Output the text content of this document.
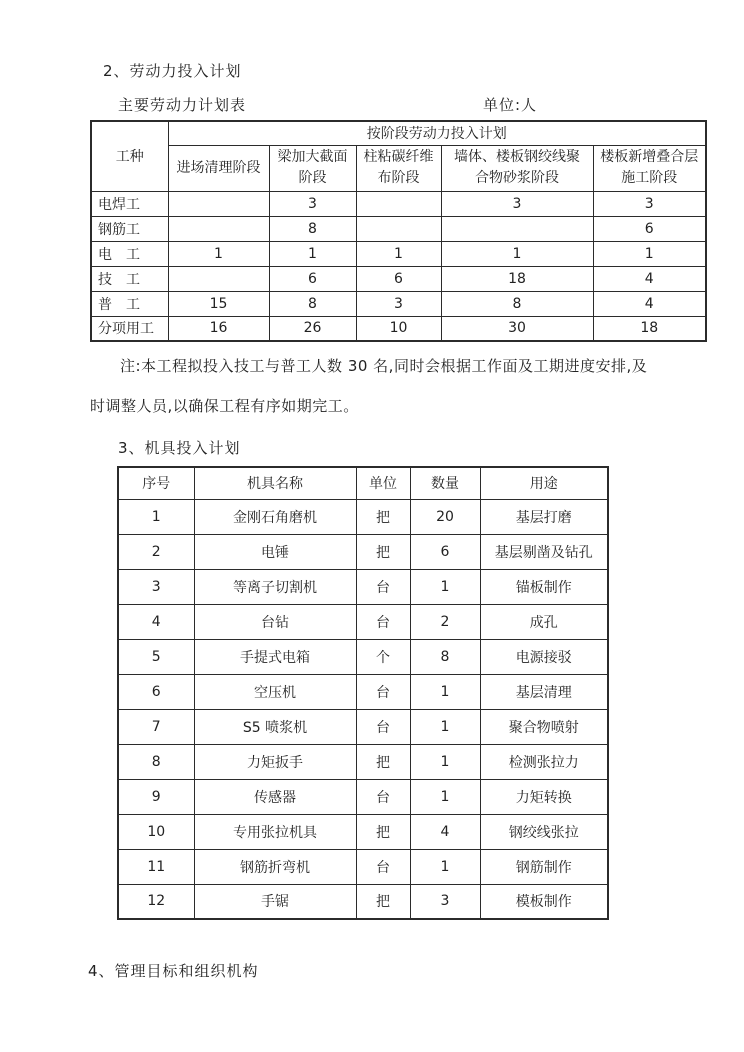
2、劳动力投入计划
主要劳动力计划表	单位:人
工种	按阶段劳动力投入计划				
	进场清理阶段	梁加大截面阶段	柱粘碳纤维布阶段	墙体、楼板钢绞线聚合物砂浆阶段	楼板新增叠合层施工阶段
电焊工		3		3	3
钢筋工		8			6
电　工	1	1	1	1	1
技　工		6	6	18	4
普　工	15	8	3	8	4
分项用工	16	26	10	30	18
注:本工程拟投入技工与普工人数 30 名,同时会根据工作面及工期进度安排,及
时调整人员,以确保工程有序如期完工。
3、机具投入计划
序号	机具名称	单位	数量	用途
1	金刚石角磨机	把	20	基层打磨
2	电锤	把	6	基层剔凿及钻孔
3	等离子切割机	台	1	锚板制作
4	台钻	台	2	成孔
5	手提式电箱	个	8	电源接驳
6	空压机	台	1	基层清理
7	S5 喷浆机	台	1	聚合物喷射
8	力矩扳手	把	1	检测张拉力
9	传感器	台	1	力矩转换
10	专用张拉机具	把	4	钢绞线张拉
11	钢筋折弯机	台	1	钢筋制作
12	手锯	把	3	模板制作
4、管理目标和组织机构
